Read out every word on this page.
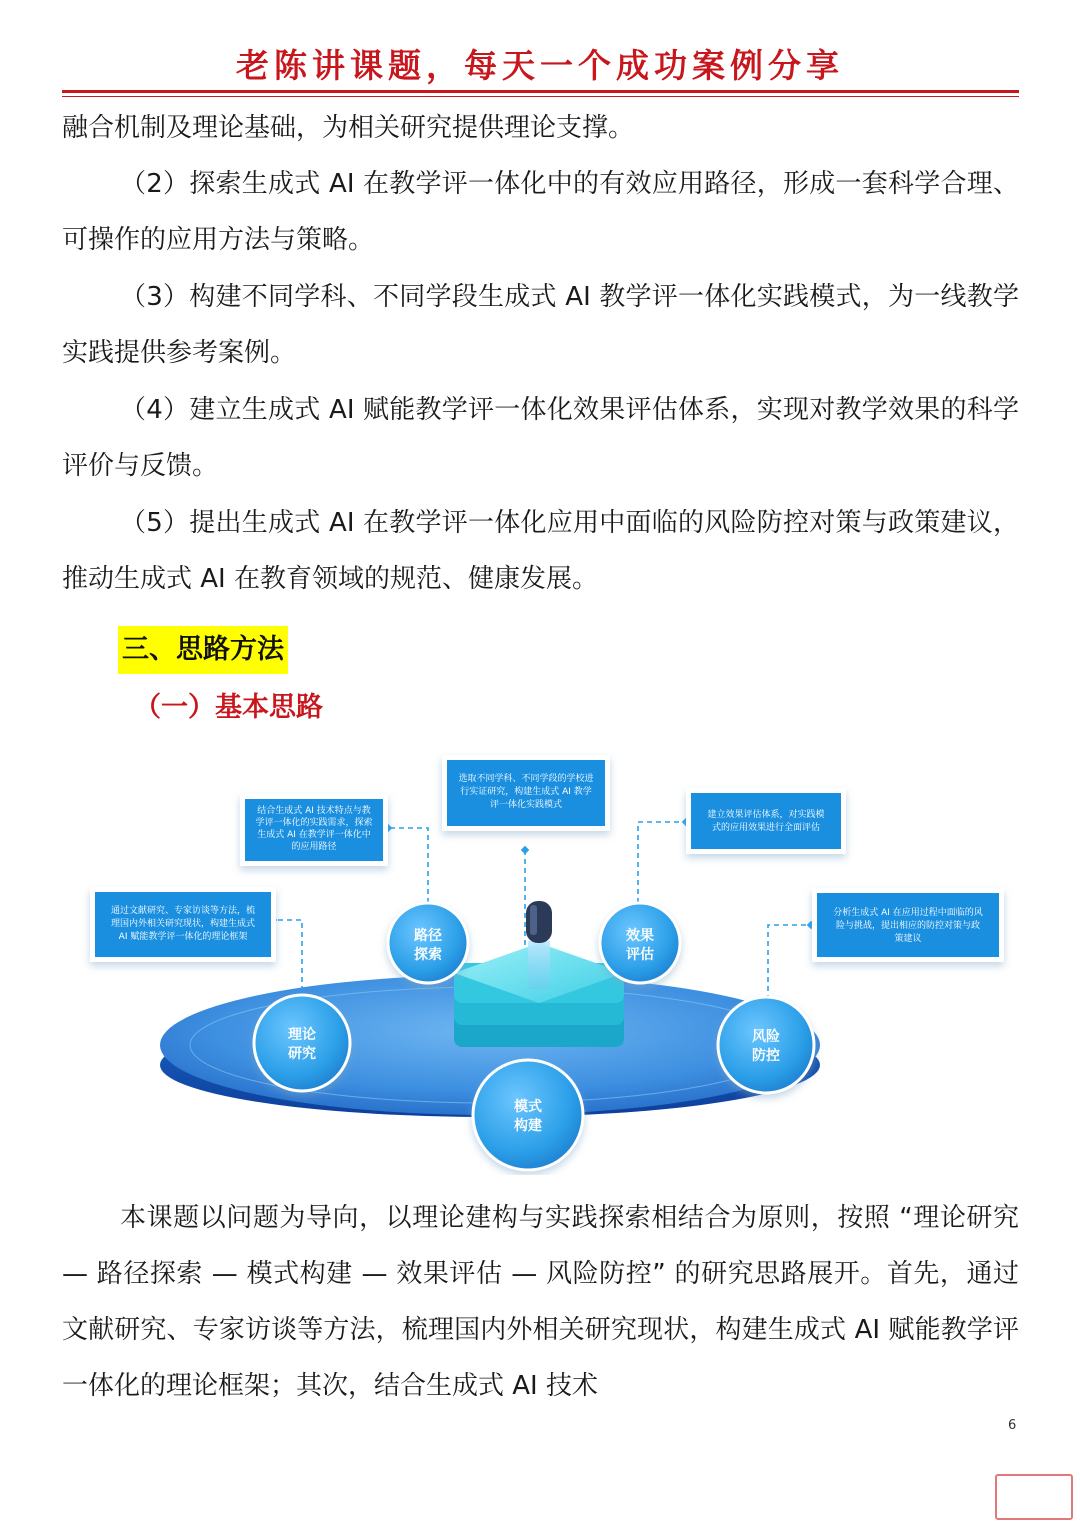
老陈讲课题，每天一个成功案例分享

融合机制及理论基础，为相关研究提供理论支撑。

（2）探索生成式 AI 在教学评一体化中的有效应用路径，形成一套科学合理、可操作的应用方法与策略。

（3）构建不同学科、不同学段生成式 AI 教学评一体化实践模式，为一线教学实践提供参考案例。

（4）建立生成式 AI 赋能教学评一体化效果评估体系，实现对教学效果的科学评价与反馈。

（5）提出生成式 AI 在教学评一体化应用中面临的风险防控对策与政策建议，推动生成式 AI 在教育领域的规范、健康发展。

三、思路方法
（一）基本思路
理论
研究
路径
探索
模式
构建
效果
评估
风险
防控
通过文献研究、专家访谈等方法，梳
理国内外相关研究现状，构建生成式
AI 赋能教学评一体化的理论框架
结合生成式 AI 技术特点与教
学评一体化的实践需求，探索
生成式 AI 在教学评一体化中
的应用路径
选取不同学科、不同学段的学校进
行实证研究，构建生成式 AI 教学
评一体化实践模式
建立效果评估体系，对实践模
式的应用效果进行全面评估
分析生成式 AI 在应用过程中面临的风
险与挑战，提出相应的防控对策与政
策建议

本课题以问题为导向，以理论建构与实践探索相结合为原则，按照 “理论研究 — 路径探索 — 模式构建 — 效果评估 — 风险防控” 的研究思路展开。首先，通过文献研究、专家访谈等方法，梳理国内外相关研究现状，构建生成式 AI 赋能教学评一体化的理论框架；其次，结合生成式 AI 技术

6
